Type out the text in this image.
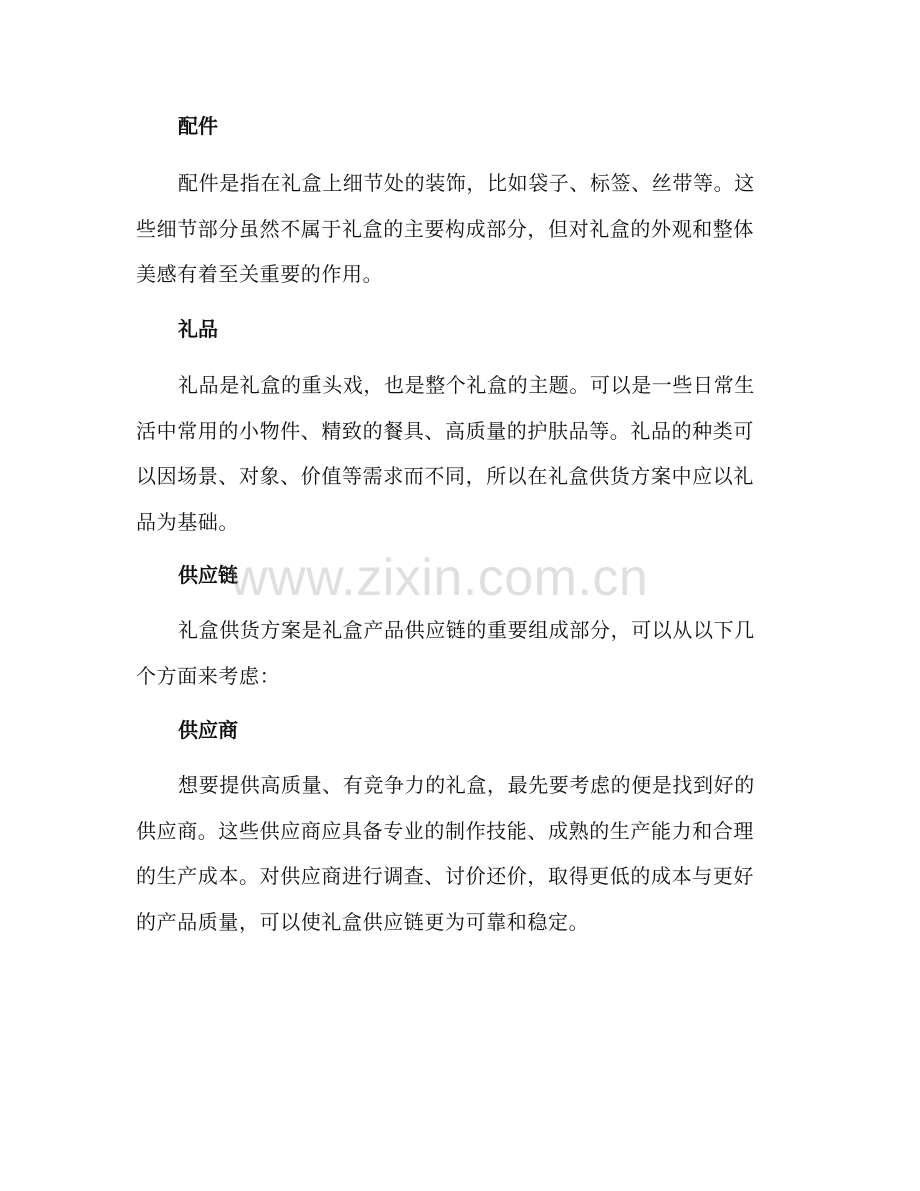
配件
配件是指在礼盒上细节处的装饰，比如袋子、标签、丝带等。这
些细节部分虽然不属于礼盒的主要构成部分，但对礼盒的外观和整体
美感有着至关重要的作用。
礼品
礼品是礼盒的重头戏，也是整个礼盒的主题。可以是一些日常生
活中常用的小物件、精致的餐具、高质量的护肤品等。礼品的种类可
以因场景、对象、价值等需求而不同，所以在礼盒供货方案中应以礼
品为基础。
供应链
礼盒供货方案是礼盒产品供应链的重要组成部分，可以从以下几
个方面来考虑：
供应商
想要提供高质量、有竞争力的礼盒，最先要考虑的便是找到好的
供应商。这些供应商应具备专业的制作技能、成熟的生产能力和合理
的生产成本。对供应商进行调查、讨价还价，取得更低的成本与更好
的产品质量，可以使礼盒供应链更为可靠和稳定。
www.zixin.com.cn
